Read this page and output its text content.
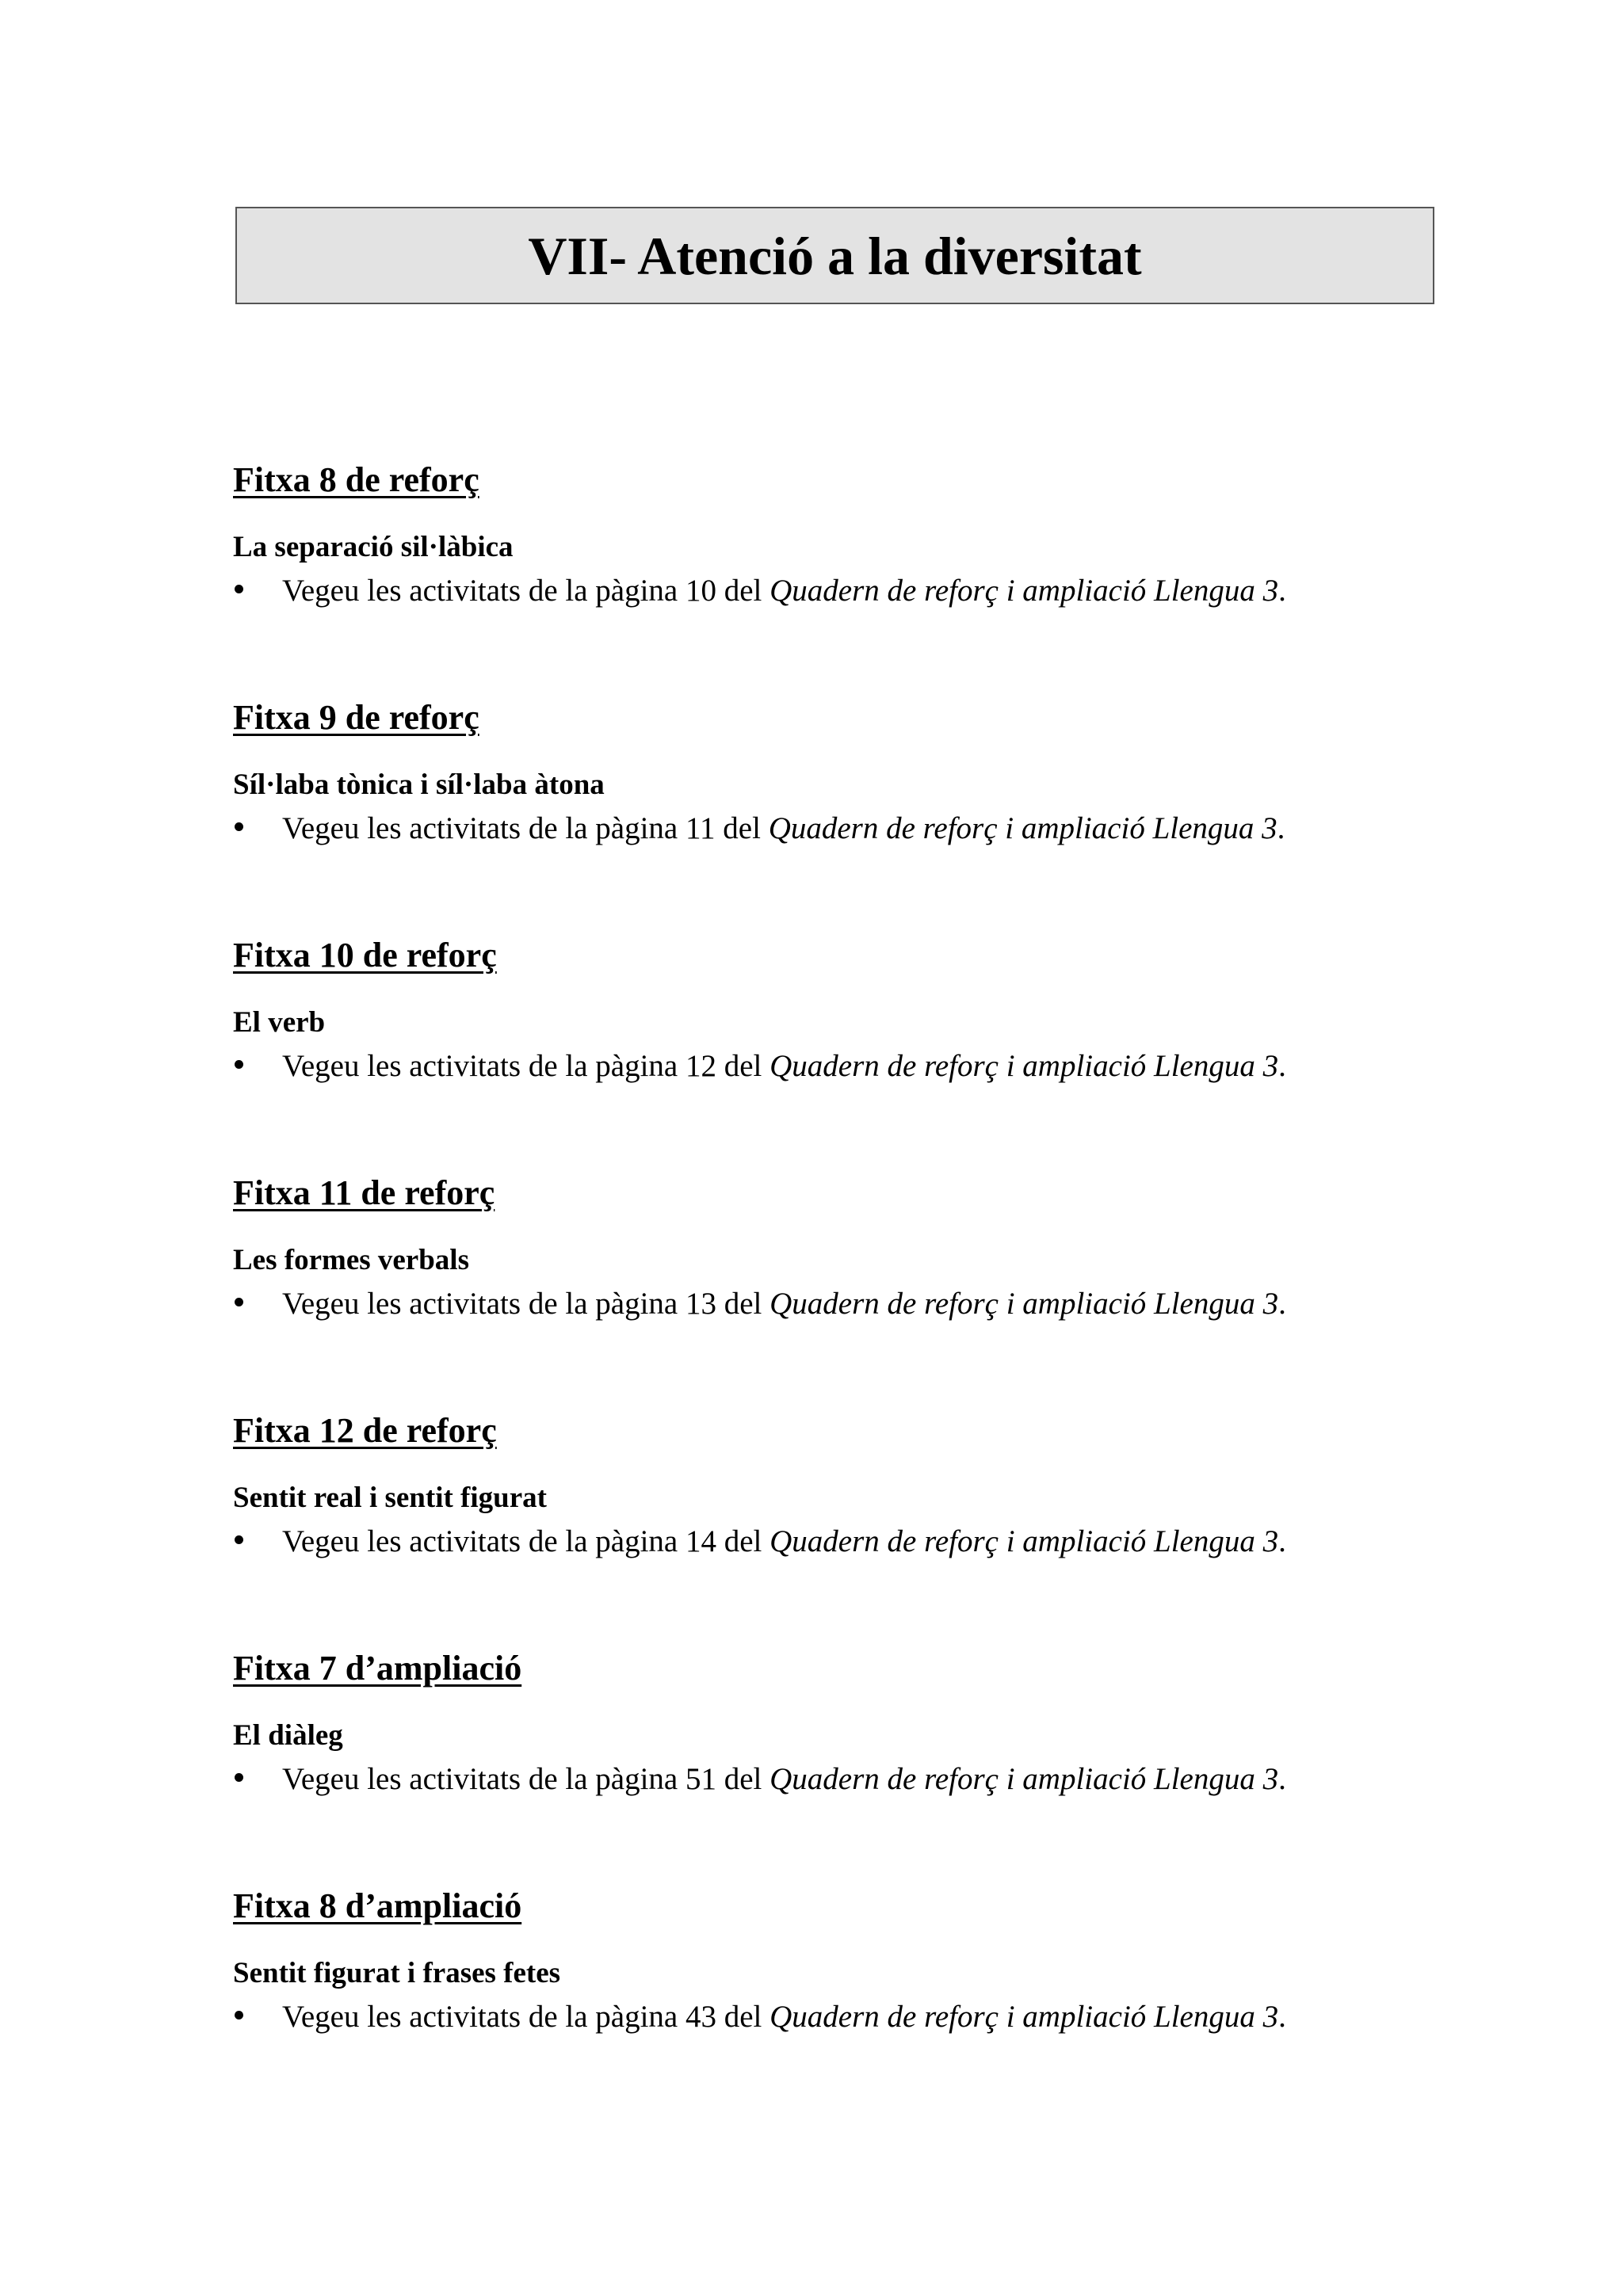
VII- Atenció a la diversitat
Fitxa 8 de reforç
La separació sil·làbica
Vegeu les activitats de la pàgina 10 del Quadern de reforç i ampliació Llengua 3.
Fitxa 9 de reforç
Síl·laba tònica i síl·laba àtona
Vegeu les activitats de la pàgina 11 del Quadern de reforç i ampliació Llengua 3.
Fitxa 10 de reforç
El verb
Vegeu les activitats de la pàgina 12 del Quadern de reforç i ampliació Llengua 3.
Fitxa 11 de reforç
Les formes verbals
Vegeu les activitats de la pàgina 13 del Quadern de reforç i ampliació Llengua 3.
Fitxa 12 de reforç
Sentit real i sentit figurat
Vegeu les activitats de la pàgina 14 del Quadern de reforç i ampliació Llengua 3.
Fitxa 7 d’ampliació
El diàleg
Vegeu les activitats de la pàgina 51 del Quadern de reforç i ampliació Llengua 3.
Fitxa 8 d’ampliació
Sentit figurat i frases fetes
Vegeu les activitats de la pàgina 43 del Quadern de reforç i ampliació Llengua 3.
